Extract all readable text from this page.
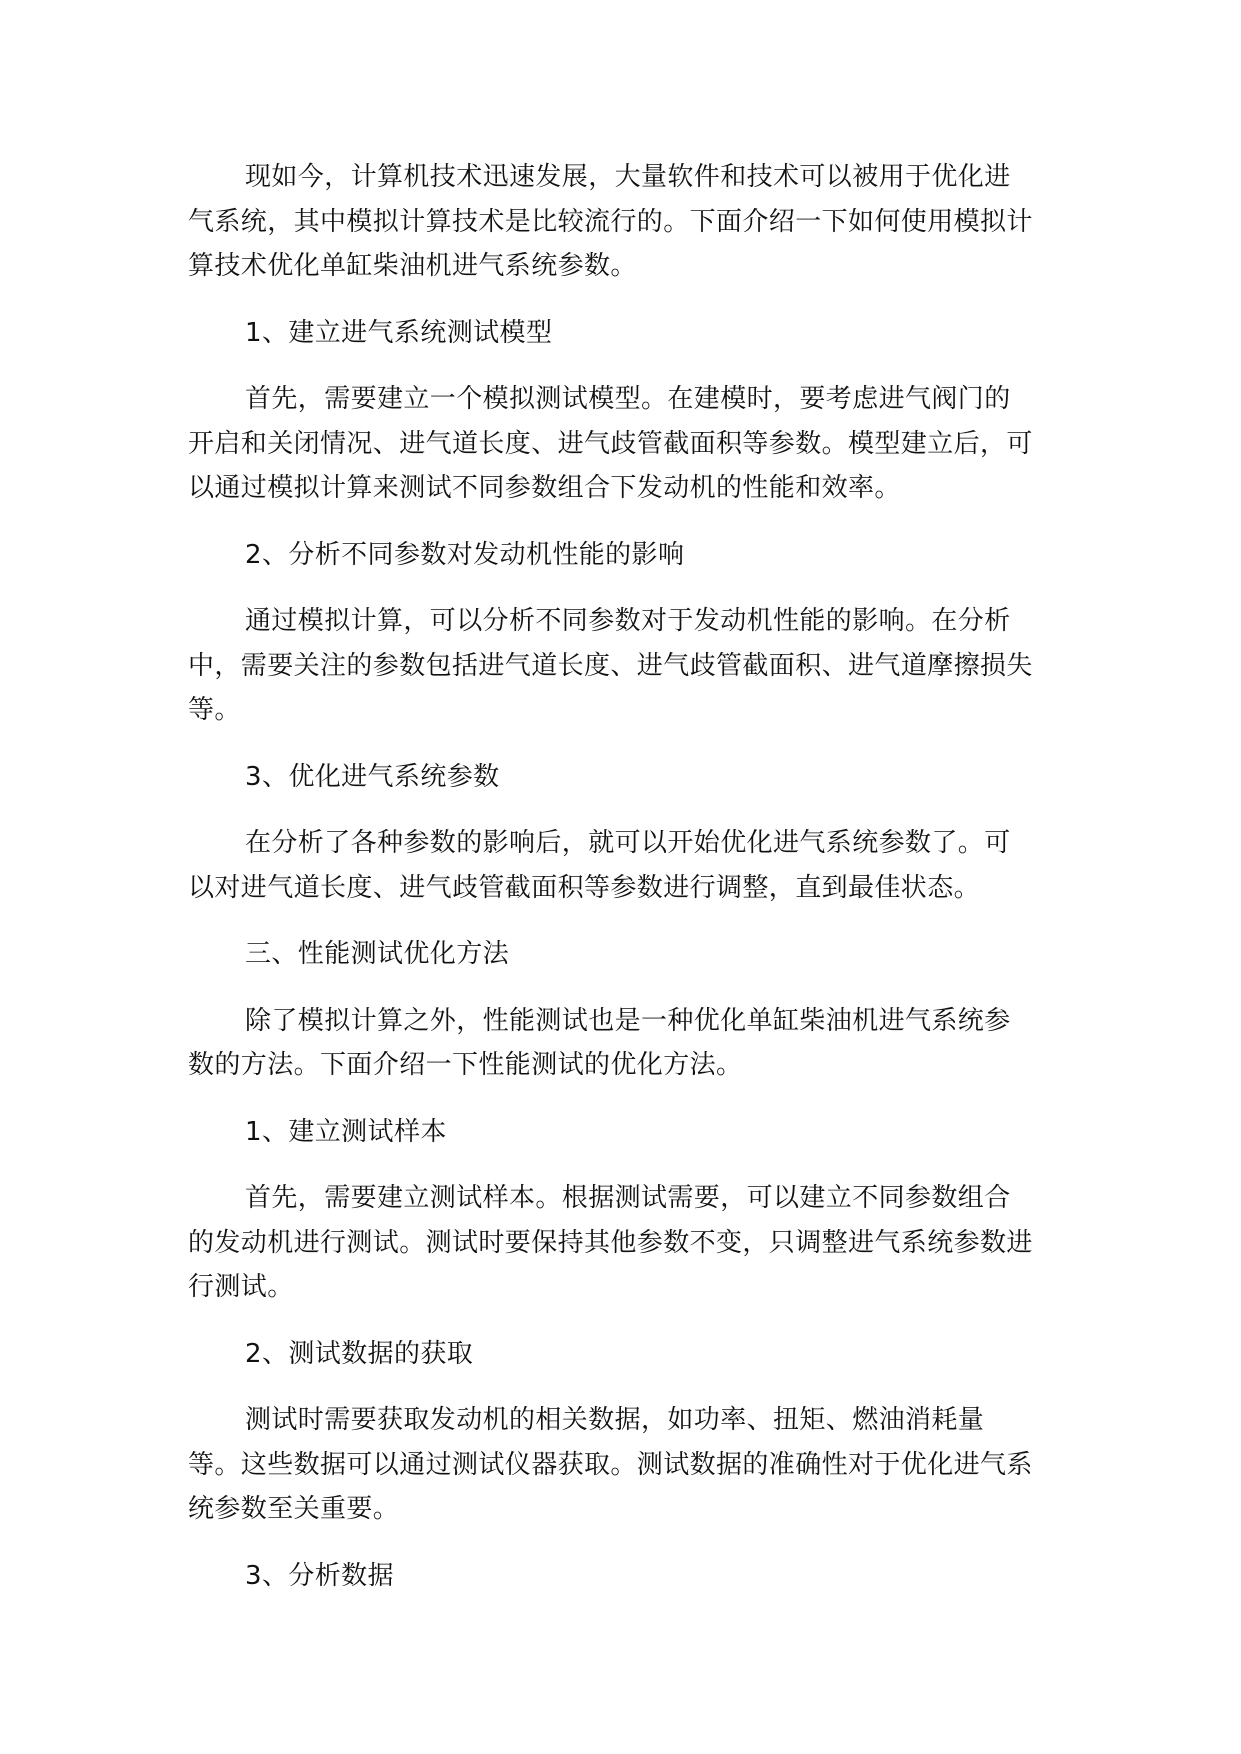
现如今，计算机技术迅速发展，大量软件和技术可以被用于优化进气系统，其中模拟计算技术是比较流行的。下面介绍一下如何使用模拟计算技术优化单缸柴油机进气系统参数。

1、建立进气系统测试模型

首先，需要建立一个模拟测试模型。在建模时，要考虑进气阀门的开启和关闭情况、进气道长度、进气歧管截面积等参数。模型建立后，可以通过模拟计算来测试不同参数组合下发动机的性能和效率。

2、分析不同参数对发动机性能的影响

通过模拟计算，可以分析不同参数对于发动机性能的影响。在分析中，需要关注的参数包括进气道长度、进气歧管截面积、进气道摩擦损失等。

3、优化进气系统参数

在分析了各种参数的影响后，就可以开始优化进气系统参数了。可以对进气道长度、进气歧管截面积等参数进行调整，直到最佳状态。

三、性能测试优化方法

除了模拟计算之外，性能测试也是一种优化单缸柴油机进气系统参数的方法。下面介绍一下性能测试的优化方法。

1、建立测试样本

首先，需要建立测试样本。根据测试需要，可以建立不同参数组合的发动机进行测试。测试时要保持其他参数不变，只调整进气系统参数进行测试。

2、测试数据的获取

测试时需要获取发动机的相关数据，如功率、扭矩、燃油消耗量等。这些数据可以通过测试仪器获取。测试数据的准确性对于优化进气系统参数至关重要。

3、分析数据
